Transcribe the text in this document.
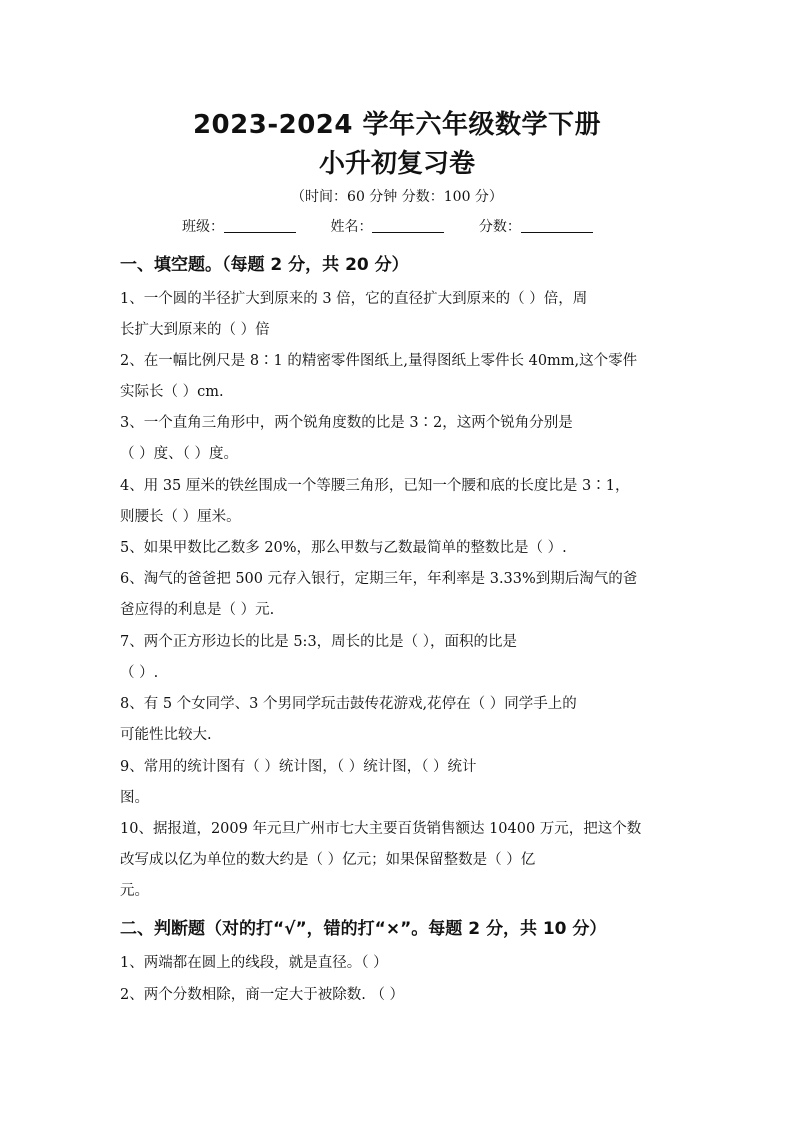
2023-2024 学年六年级数学下册
小升初复习卷
（时间：60 分钟 分数：100 分）
班级：	姓名：	分数：
一、填空题。（每题 2 分，共 20 分）
1、一个圆的半径扩大到原来的 3 倍，它的直径扩大到原来的（ ）倍，周
长扩大到原来的（ ）倍
2、在一幅比例尺是 8∶1 的精密零件图纸上,量得图纸上零件长 40mm,这个零件
实际长（ ）cm.
3、一个直角三角形中，两个锐角度数的比是 3∶2，这两个锐角分别是
（ ）度、（ ）度。
4、用 35 厘米的铁丝围成一个等腰三角形，已知一个腰和底的长度比是 3∶1，
则腰长（ ）厘米。
5、如果甲数比乙数多 20%，那么甲数与乙数最简单的整数比是（ ）.
6、淘气的爸爸把 500 元存入银行，定期三年，年利率是 3.33%到期后淘气的爸
爸应得的利息是（ ）元.
7、两个正方形边长的比是 5:3，周长的比是（ ），面积的比是
（ ）.
8、有 5 个女同学、3 个男同学玩击鼓传花游戏,花停在（ ）同学手上的
可能性比较大.
9、常用的统计图有（ ）统计图，（ ）统计图，（ ）统计
图。
10、据报道，2009 年元旦广州市七大主要百货销售额达 10400 万元，把这个数
改写成以亿为单位的数大约是（ ）亿元；如果保留整数是（ ）亿
元。
二、判断题（对的打“√”，错的打“×”。每题 2 分，共 10 分）
1、两端都在圆上的线段，就是直径。（ ）
2、两个分数相除，商一定大于被除数. （ ）
